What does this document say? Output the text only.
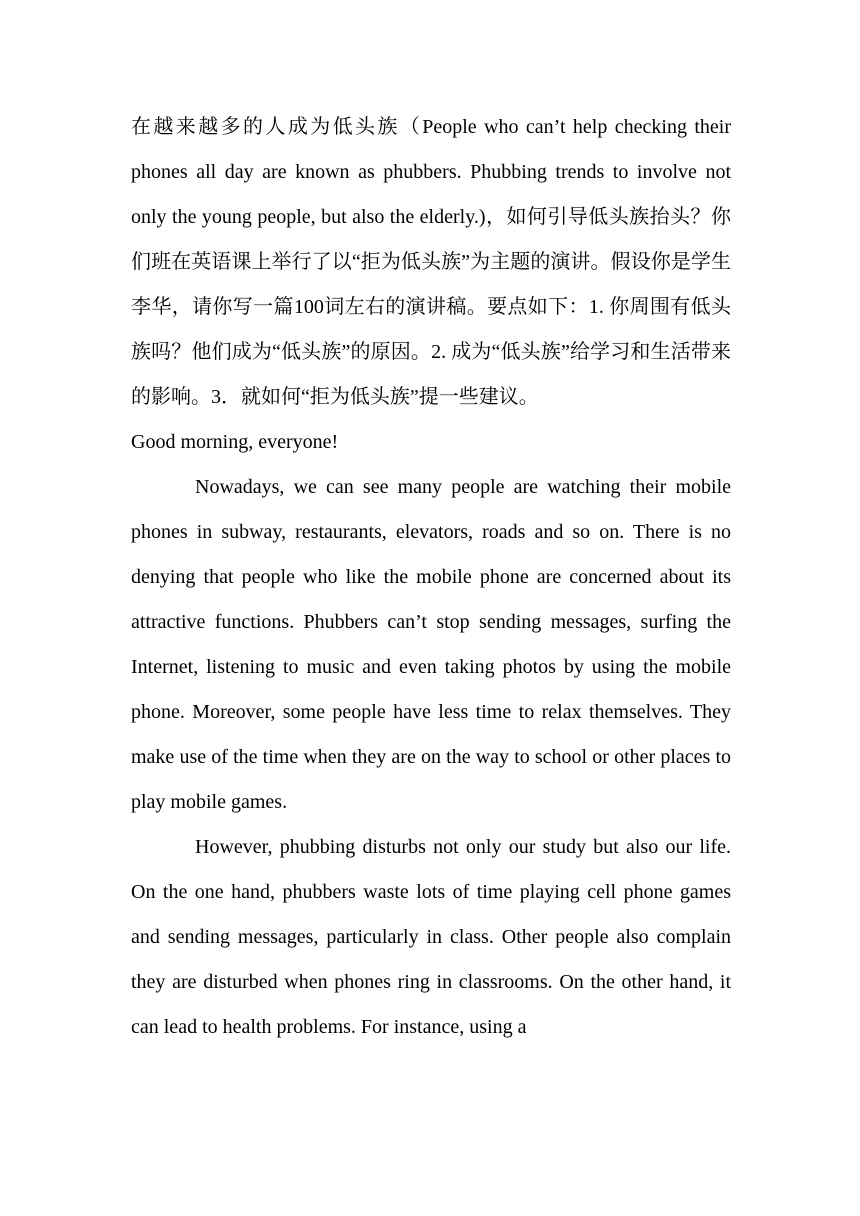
在越来越多的人成为低头族（People who can’t help checking their phones all day are known as phubbers. Phubbing trends to involve not only the young people, but also the elderly.)，如何引导低头族抬头？你们班在英语课上举行了以“拒为低头族”为主题的演讲。假设你是学生李华，请你写一篇100词左右的演讲稿。要点如下：1. 你周围有低头族吗？他们成为“低头族”的原因。2. 成为“低头族”给学习和生活带来的影响。3．就如何“拒为低头族”提一些建议。

Good morning, everyone!

Nowadays, we can see many people are watching their mobile phones in subway, restaurants, elevators, roads and so on. There is no denying that people who like the mobile phone are concerned about its attractive functions. Phubbers can’t stop sending messages, surfing the Internet, listening to music and even taking photos by using the mobile phone. Moreover, some people have less time to relax themselves. They make use of the time when they are on the way to school or other places to play mobile games.

However, phubbing disturbs not only our study but also our life. On the one hand, phubbers waste lots of time playing cell phone games and sending messages, particularly in class. Other people also complain they are disturbed when phones ring in classrooms. On the other hand, it can lead to health problems. For instance, using a
